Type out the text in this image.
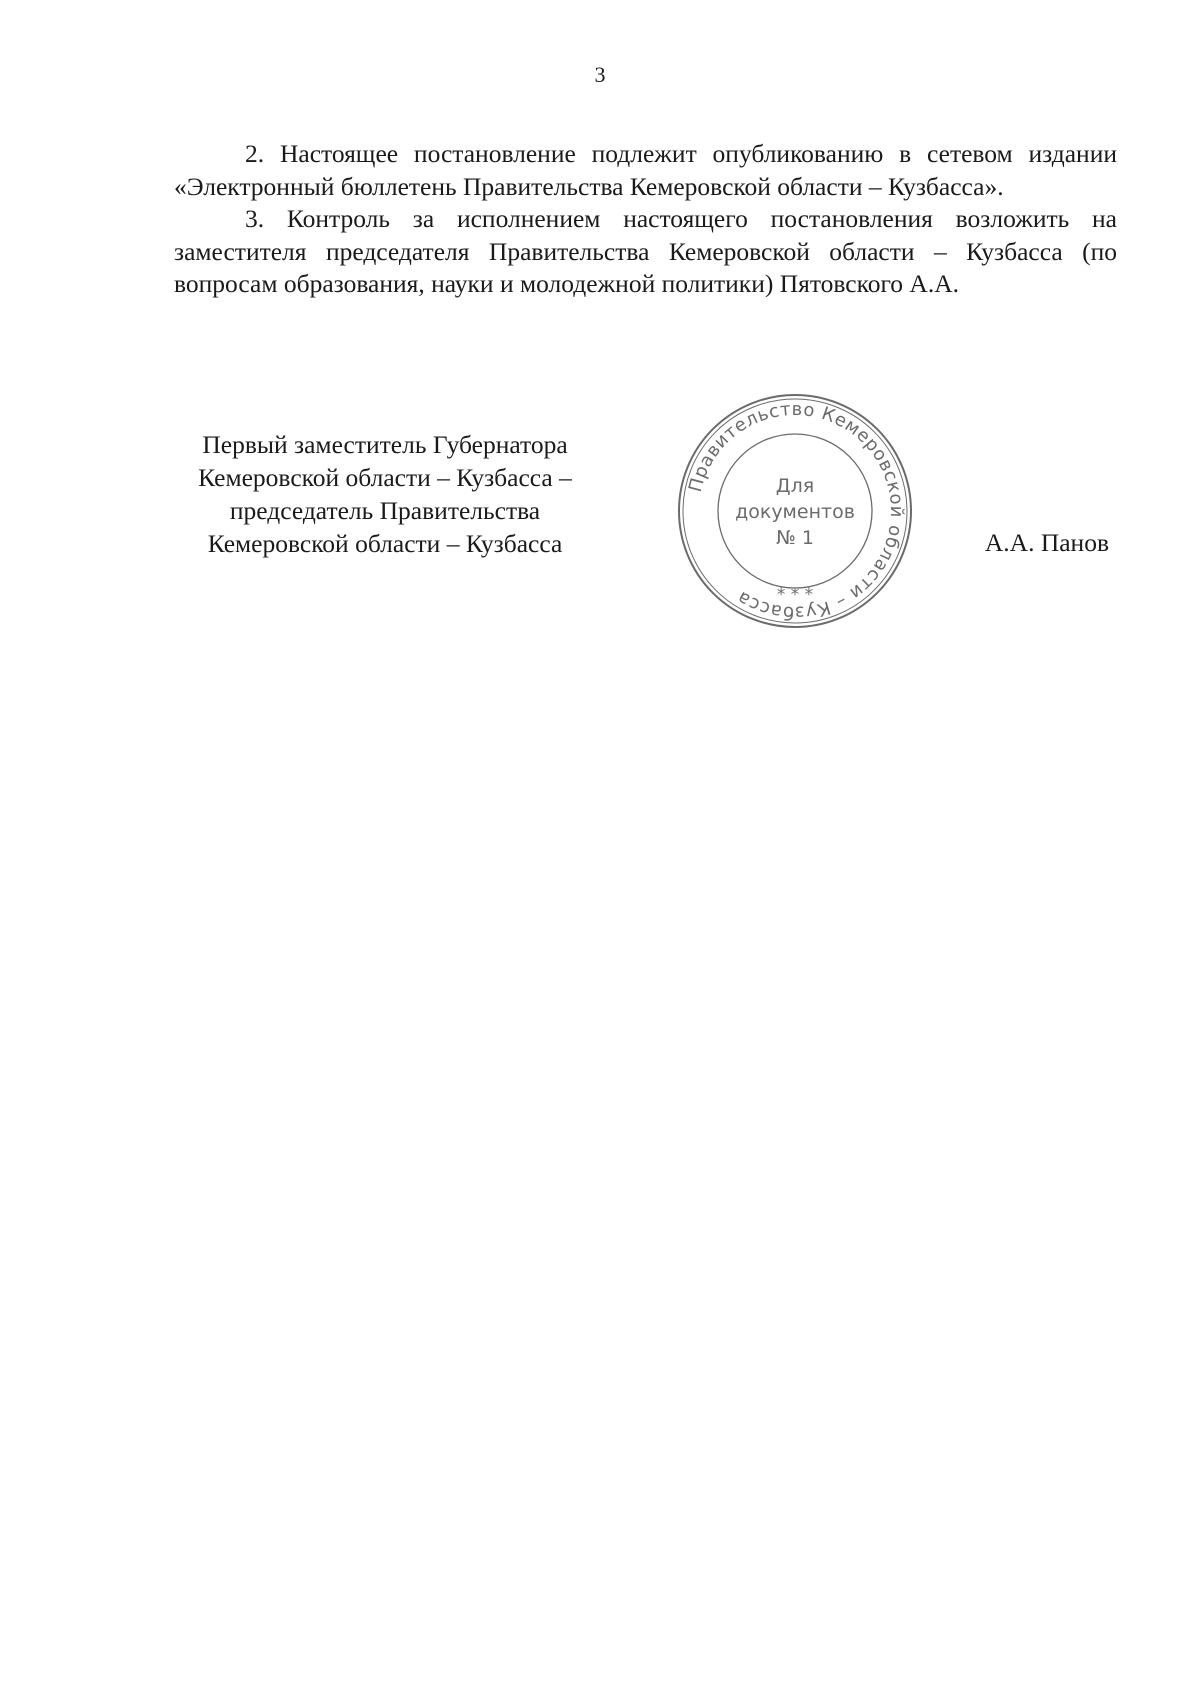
3

2. Настоящее постановление подлежит опубликованию в сетевом издании «Электронный бюллетень Правительства Кемеровской области – Кузбасса».

3. Контроль за исполнением настоящего постановления возложить на заместителя председателя Правительства Кемеровской области – Кузбасса (по вопросам образования, науки и молодежной политики) Пятовского А.А.

Первый заместитель Губернатора
Кемеровской области – Кузбасса –
председатель Правительства
Кемеровской области – Кузбасса
Правительство Кемеровской области – Кузбасса	* * *
Для
документов
№ 1	А.А. Панов
